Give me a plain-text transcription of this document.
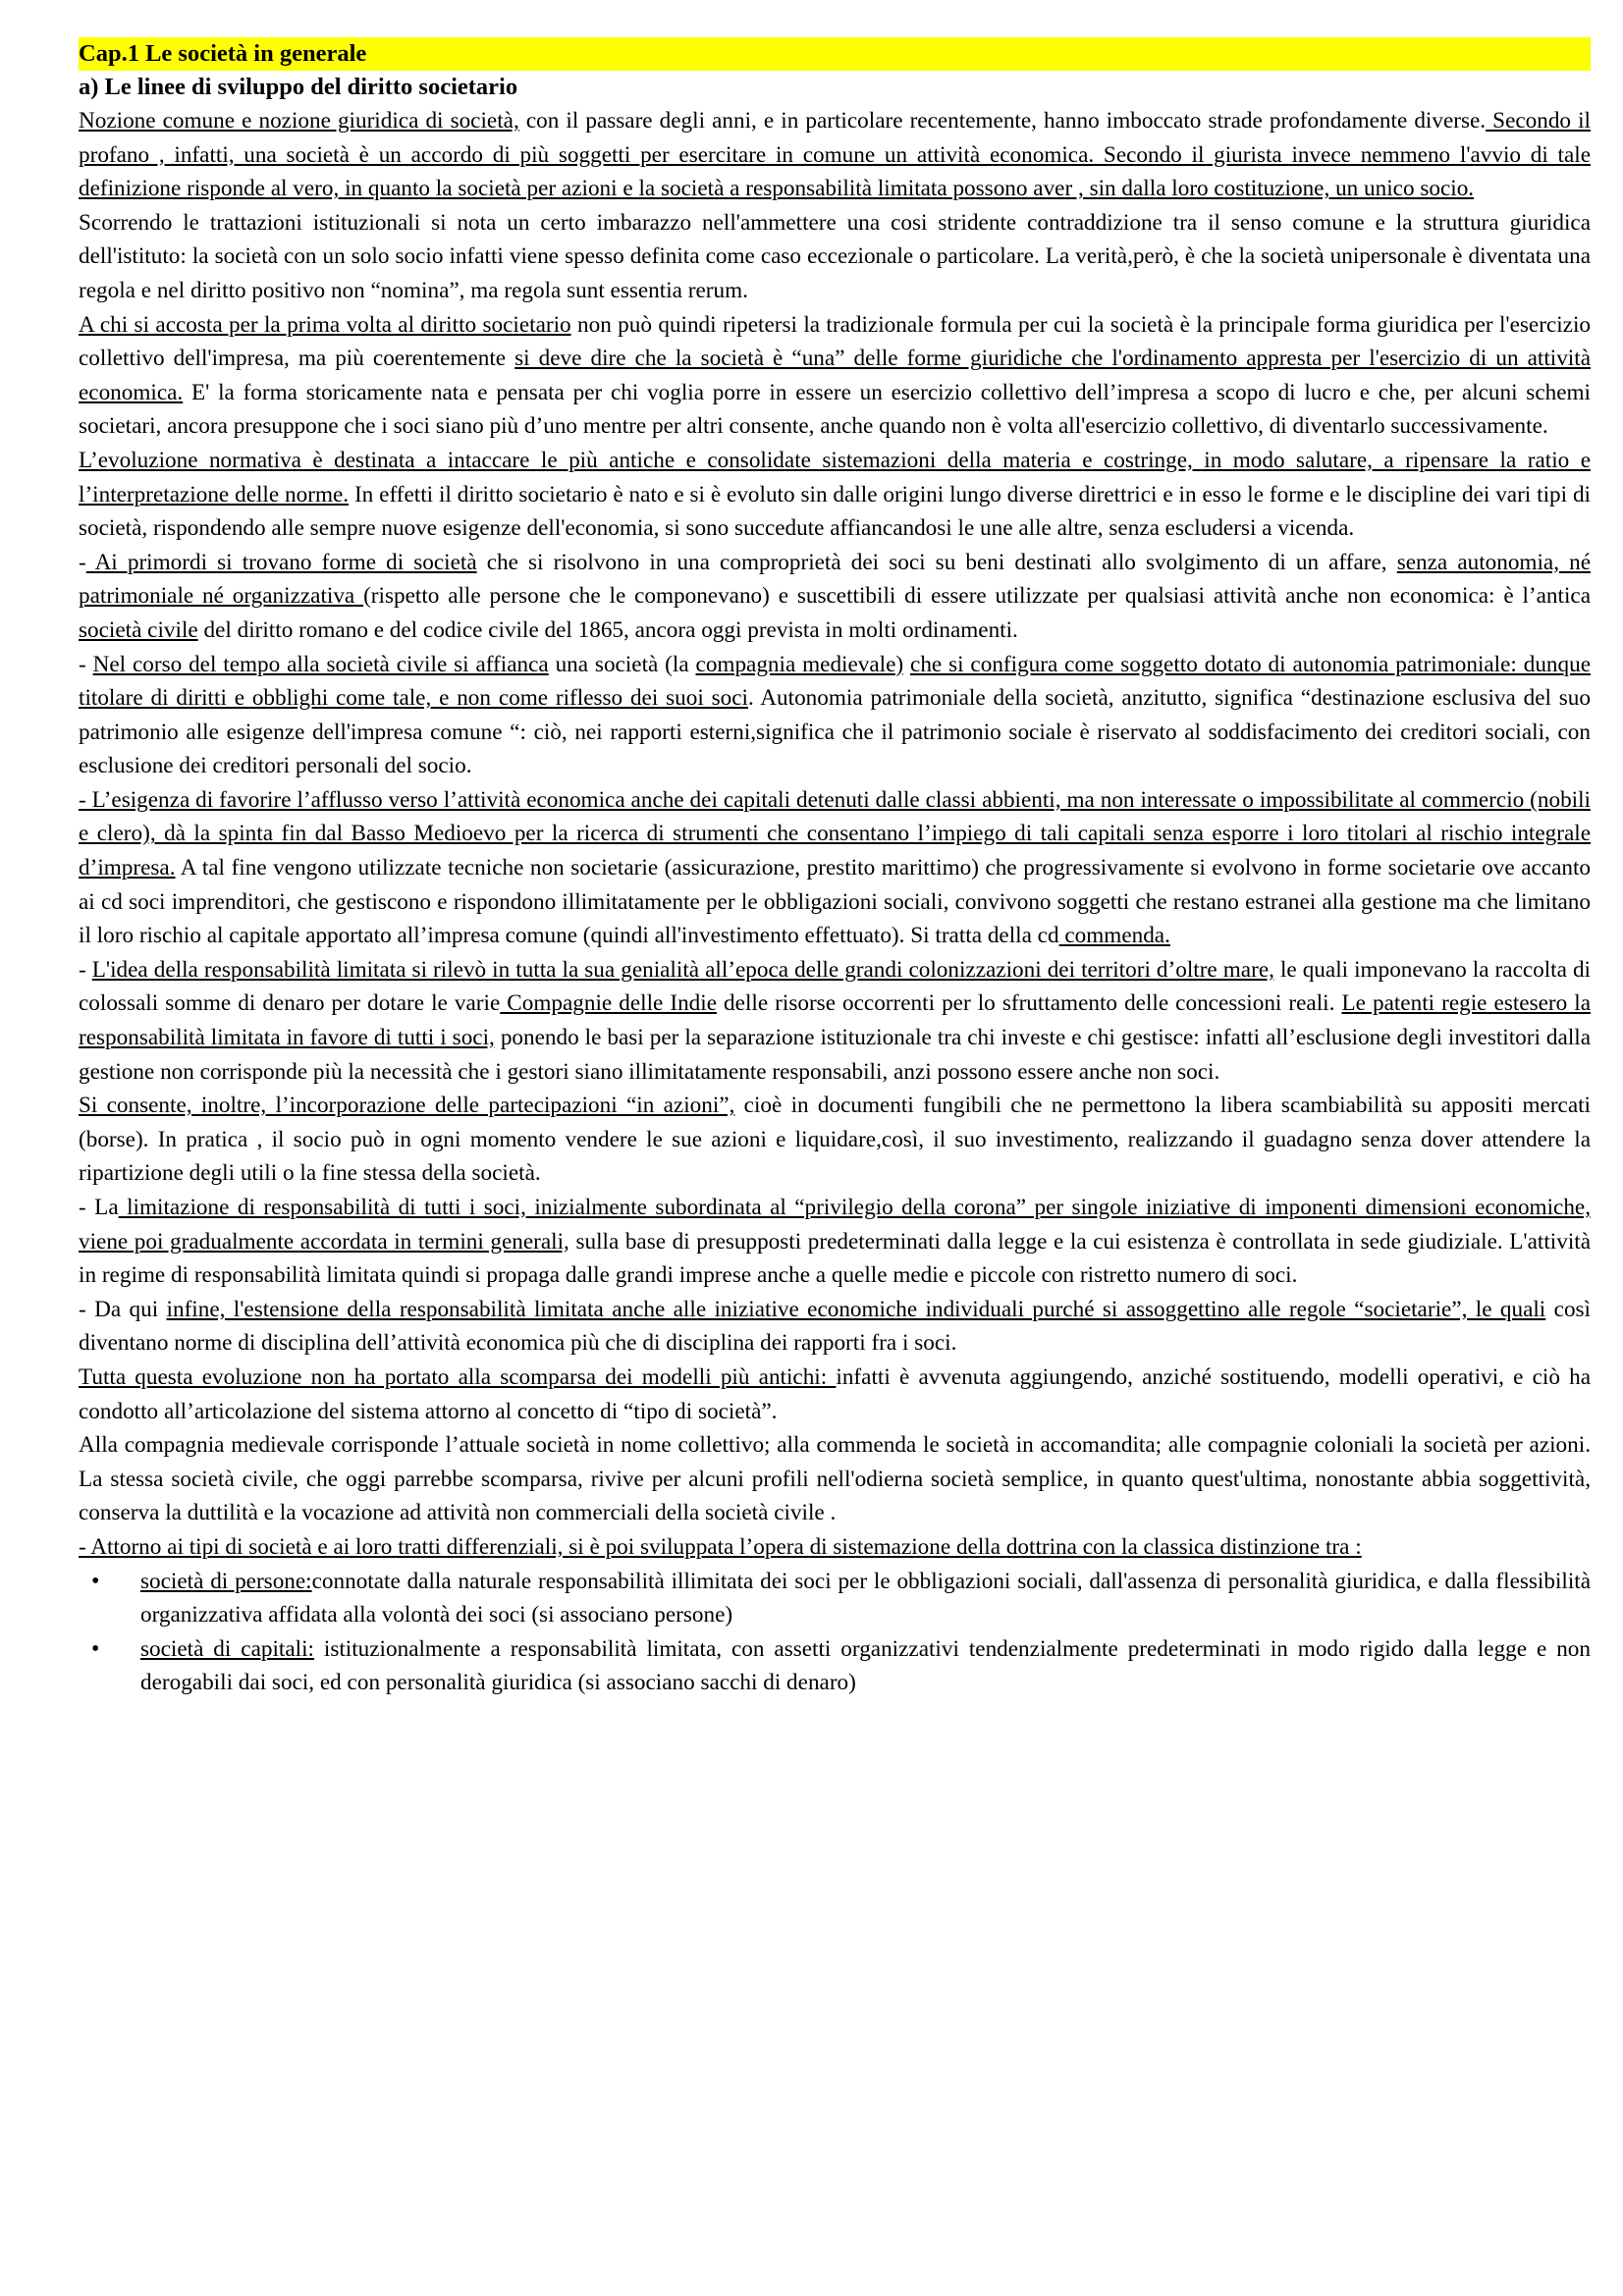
Cap.1 Le società in generale
a) Le linee di sviluppo del diritto societario

Nozione comune e nozione giuridica di società, con il passare degli anni, e in particolare recentemente, hanno imboccato strade profondamente diverse. Secondo il profano , infatti, una società è un accordo di più soggetti per esercitare in comune un attività economica. Secondo il giurista invece nemmeno l'avvio di tale definizione risponde al vero, in quanto la società per azioni e la società a responsabilità limitata possono aver , sin dalla loro costituzione, un unico socio.

Scorrendo le trattazioni istituzionali si nota un certo imbarazzo nell'ammettere una cosi stridente contraddizione tra il senso comune e la struttura giuridica dell'istituto: la società con un solo socio infatti viene spesso definita come caso eccezionale o particolare. La verità,però, è che la società unipersonale è diventata una regola e nel diritto positivo non “nomina”, ma regola sunt essentia rerum.

A chi si accosta per la prima volta al diritto societario non può quindi ripetersi la tradizionale formula per cui la società è la principale forma giuridica per l'esercizio collettivo dell'impresa, ma più coerentemente si deve dire che la società è “una” delle forme giuridiche che l'ordinamento appresta per l'esercizio di un attività economica. E' la forma storicamente nata e pensata per chi voglia porre in essere un esercizio collettivo dell’impresa a scopo di lucro e che, per alcuni schemi societari, ancora presuppone che i soci siano più d’uno mentre per altri consente, anche quando non è volta all'esercizio collettivo, di diventarlo successivamente.

L’evoluzione normativa è destinata a intaccare le più antiche e consolidate sistemazioni della materia e costringe, in modo salutare, a ripensare la ratio e l’interpretazione delle norme. In effetti il diritto societario è nato e si è evoluto sin dalle origini lungo diverse direttrici e in esso le forme e le discipline dei vari tipi di società, rispondendo alle sempre nuove esigenze dell'economia, si sono succedute affiancandosi le une alle altre, senza escludersi a vicenda.

- Ai primordi si trovano forme di società che si risolvono in una comproprietà dei soci su beni destinati allo svolgimento di un affare, senza autonomia, né patrimoniale né organizzativa (rispetto alle persone che le componevano) e suscettibili di essere utilizzate per qualsiasi attività anche non economica: è l’antica società civile del diritto romano e del codice civile del 1865, ancora oggi prevista in molti ordinamenti.

- Nel corso del tempo alla società civile si affianca una società (la compagnia medievale) che si configura come soggetto dotato di autonomia patrimoniale: dunque titolare di diritti e obblighi come tale, e non come riflesso dei suoi soci. Autonomia patrimoniale della società, anzitutto, significa “destinazione esclusiva del suo patrimonio alle esigenze dell'impresa comune “: ciò, nei rapporti esterni,significa che il patrimonio sociale è riservato al soddisfacimento dei creditori sociali, con esclusione dei creditori personali del socio.

- L’esigenza di favorire l’afflusso verso l’attività economica anche dei capitali detenuti dalle classi abbienti, ma non interessate o impossibilitate al commercio (nobili e clero), dà la spinta fin dal Basso Medioevo per la ricerca di strumenti che consentano l’impiego di tali capitali senza esporre i loro titolari al rischio integrale d’impresa. A tal fine vengono utilizzate tecniche non societarie (assicurazione, prestito marittimo) che progressivamente si evolvono in forme societarie ove accanto ai cd soci imprenditori, che gestiscono e rispondono illimitatamente per le obbligazioni sociali, convivono soggetti che restano estranei alla gestione ma che limitano il loro rischio al capitale apportato all’impresa comune (quindi all'investimento effettuato). Si tratta della cd commenda.

- L'idea della responsabilità limitata si rilevò in tutta la sua genialità all’epoca delle grandi colonizzazioni dei territori d’oltre mare, le quali imponevano la raccolta di colossali somme di denaro per dotare le varie Compagnie delle Indie delle risorse occorrenti per lo sfruttamento delle concessioni reali. Le patenti regie estesero la responsabilità limitata in favore di tutti i soci, ponendo le basi per la separazione istituzionale tra chi investe e chi gestisce: infatti all’esclusione degli investitori dalla gestione non corrisponde più la necessità che i gestori siano illimitatamente responsabili, anzi possono essere anche non soci.

Si consente, inoltre, l’incorporazione delle partecipazioni “in azioni”, cioè in documenti fungibili che ne permettono la libera scambiabilità su appositi mercati (borse). In pratica , il socio può in ogni momento vendere le sue azioni e liquidare,così, il suo investimento, realizzando il guadagno senza dover attendere la ripartizione degli utili o la fine stessa della società.

- La limitazione di responsabilità di tutti i soci, inizialmente subordinata al “privilegio della corona” per singole iniziative di imponenti dimensioni economiche, viene poi gradualmente accordata in termini generali, sulla base di presupposti predeterminati dalla legge e la cui esistenza è controllata in sede giudiziale. L'attività in regime di responsabilità limitata quindi si propaga dalle grandi imprese anche a quelle medie e piccole con ristretto numero di soci.

- Da qui infine, l'estensione della responsabilità limitata anche alle iniziative economiche individuali purché si assoggettino alle regole “societarie”, le quali così diventano norme di disciplina dell’attività economica più che di disciplina dei rapporti fra i soci.

Tutta questa evoluzione non ha portato alla scomparsa dei modelli più antichi: infatti è avvenuta aggiungendo, anziché sostituendo, modelli operativi, e ciò ha condotto all’articolazione del sistema attorno al concetto di “tipo di società”.

Alla compagnia medievale corrisponde l’attuale società in nome collettivo; alla commenda le società in accomandita; alle compagnie coloniali la società per azioni. La stessa società civile, che oggi parrebbe scomparsa, rivive per alcuni profili nell'odierna società semplice, in quanto quest'ultima, nonostante abbia soggettività, conserva la duttilità e la vocazione ad attività non commerciali della società civile .

- Attorno ai tipi di società e ai loro tratti differenziali, si è poi sviluppata l’opera di sistemazione della dottrina con la classica distinzione tra :

• società di persone:connotate dalla naturale responsabilità illimitata dei soci per le obbligazioni sociali, dall'assenza di personalità giuridica, e dalla flessibilità organizzativa affidata alla volontà dei soci (si associano persone)
• società di capitali: istituzionalmente a responsabilità limitata, con assetti organizzativi tendenzialmente predeterminati in modo rigido dalla legge e non derogabili dai soci, ed con personalità giuridica (si associano sacchi di denaro)
